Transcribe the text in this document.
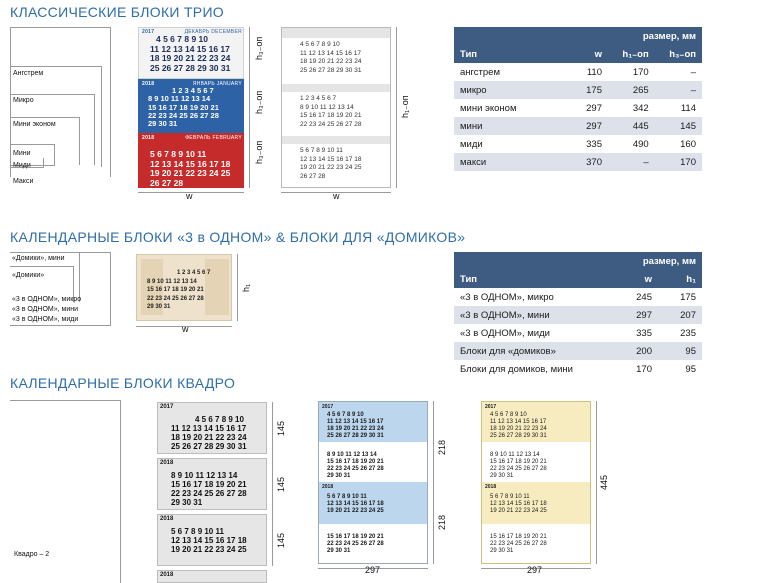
КЛАССИЧЕСКИЕ БЛОКИ ТРИО
Ангстрем
Микро
Мини эконом
Мини
Миди
Макси
2017	ДЕКАБРЬ DECEMBER
4 5 6 7 8 9 10
11 12 13 14 15 16 17
18 19 20 21 22 23 24
25 26 27 28 29 30 31
2018	ЯНВАРЬ JANUARY
1 2 3 4 5 6 7
8 9 10 11 12 13 14
15 16 17 18 19 20 21
22 23 24 25 26 27 28
29 30 31
2018	ФЕВРАЛЬ FEBRUARY
5 6 7 8 9 10 11
12 13 14 15 16 17 18
19 20 21 22 23 24 25
26 27 28
h₃₋оп
h₃₋оп
h₃₋оп
w
4 5 6 7 8 9 10
11 12 13 14 15 16 17
18 19 20 21 22 23 24
25 26 27 28 29 30 31
1 2 3 4 5 6 7
8 9 10 11 12 13 14
15 16 17 18 19 20 21
22 23 24 25 26 27 28
5 6 7 8 9 10 11
12 13 14 15 16 17 18
19 20 21 22 23 24 25
26 27 28
h₁₋оп
w
	размер, мм		
Тип	w	h₁₋оп	h₃₋оп
ангстрем	110	170	–
микро	175	265	–
мини эконом	297	342	114
мини	297	445	145
миди	335	490	160
макси	370	–	170
КАЛЕНДАРНЫЕ БЛОКИ «3 в ОДНОМ» & БЛОКИ ДЛЯ «ДОМИКОВ»
«Домики», мини
«Домики»
«3 в ОДНОМ», микро
«3 в ОДНОМ», мини
«3 в ОДНОМ», миди
1 2 3 4 5 6 7
8 9 10 11 12 13 14
15 16 17 18 19 20 21
22 23 24 25 26 27 28
29 30 31
h₁
w
	размер, мм	
Тип	w	h₁
«3 в ОДНОМ», микро	245	175
«3 в ОДНОМ», мини	297	207
«3 в ОДНОМ», миди	335	235
Блоки для «домиков»	200	95
Блоки для домиков, мини	170	95
КАЛЕНДАРНЫЕ БЛОКИ КВАДРО
Квадро – 2
2017
2018
2018
2018
4 5 6 7 8 9 10
11 12 13 14 15 16 17
18 19 20 21 22 23 24
25 26 27 28 29 30 31
8 9 10 11 12 13 14
15 16 17 18 19 20 21
22 23 24 25 26 27 28
29 30 31
5 6 7 8 9 10 11
12 13 14 15 16 17 18
19 20 21 22 23 24 25
145
145
145
2017
2018
4 5 6 7 8 9 10
11 12 13 14 15 16 17
18 19 20 21 22 23 24
25 26 27 28 29 30 31
8 9 10 11 12 13 14
15 16 17 18 19 20 21
22 23 24 25 26 27 28
29 30 31
5 6 7 8 9 10 11
12 13 14 15 16 17 18
19 20 21 22 23 24 25
15 16 17 18 19 20 21
22 23 24 25 26 27 28
29 30 31
218
218
297
2017
2018
4 5 6 7 8 9 10
11 12 13 14 15 16 17
18 19 20 21 22 23 24
25 26 27 28 29 30 31
8 9 10 11 12 13 14
15 16 17 18 19 20 21
22 23 24 25 26 27 28
29 30 31
5 6 7 8 9 10 11
12 13 14 15 16 17 18
19 20 21 22 23 24 25
15 16 17 18 19 20 21
22 23 24 25 26 27 28
29 30 31
445
297
